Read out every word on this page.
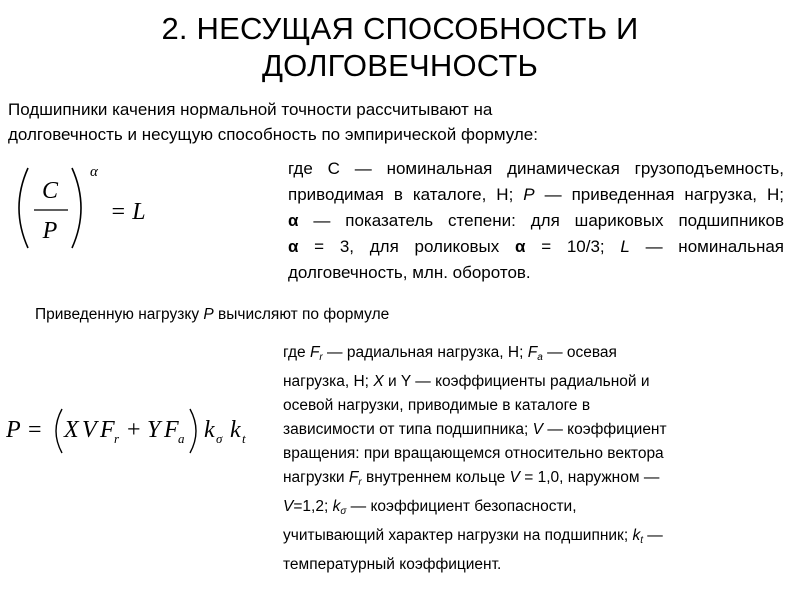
2. НЕСУЩАЯ СПОСОБНОСТЬ И
ДОЛГОВЕЧНОСТЬ
Подшипники качения нормальной точности рассчитывают на
долговечность и несущую способность по эмпирической формуле:
C
P
α
= L
где C — номинальная динамическая грузоподъемность,
приводимая в каталоге, Н; P — приведенная нагрузка, Н;
α — показатель степени: для шариковых подшипников
α = 3, для роликовых α = 10/3; L — номинальная
долговечность, млн. оборотов.
Приведенную нагрузку P вычисляют по формуле
P = X V F r + Y F a k σ k t
где $F_r$ — радиальная нагрузка, Н; $F_a$ — осевая
нагрузка, Н; X и Y — коэффициенты радиальной и
осевой нагрузки, приводимые в каталоге в
зависимости от типа подшипника; V — коэффициент
вращения: при вращающемся относительно вектора
нагрузки $F_r$ внутреннем кольце V = 1,0, наружном —
V=1,2; $k_\sigma$ — коэффициент безопасности,
учитывающий характер нагрузки на подшипник; $k_t$ —
температурный коэффициент.
